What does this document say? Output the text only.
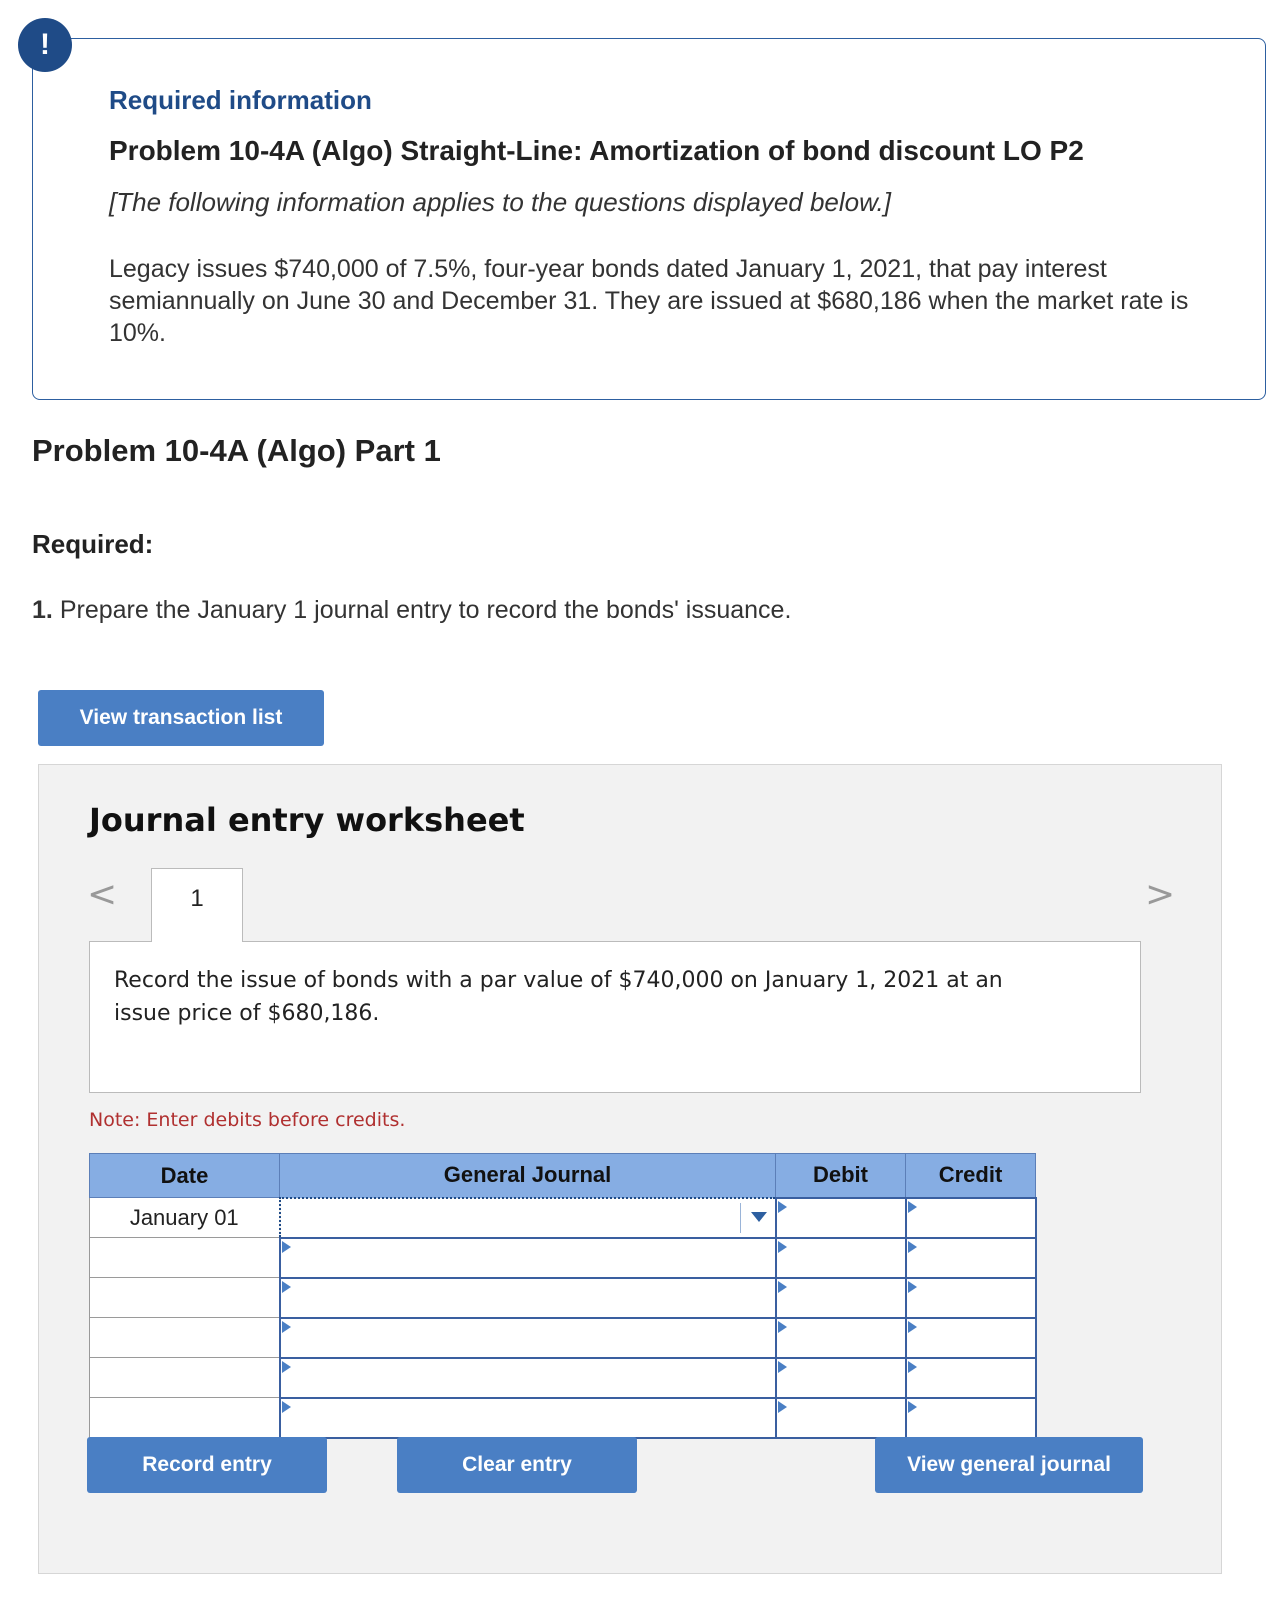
!
Required information
Problem 10-4A (Algo) Straight-Line: Amortization of bond discount LO P2
[The following information applies to the questions displayed below.]
Legacy issues $740,000 of 7.5%, four-year bonds dated January 1, 2021, that pay interest semiannually on June 30 and December 31. They are issued at $680,186 when the market rate is 10%.
Problem 10-4A (Algo) Part 1
Required:
1. Prepare the January 1 journal entry to record the bonds' issuance.
View transaction list
Journal entry worksheet
<	1	>
Record the issue of bonds with a par value of $740,000 on January 1, 2021 at an issue price of $680,186.
Note: Enter debits before credits.
Date	General Journal	Debit	Credit
January 01	

Record entry	Clear entry	View general journal
